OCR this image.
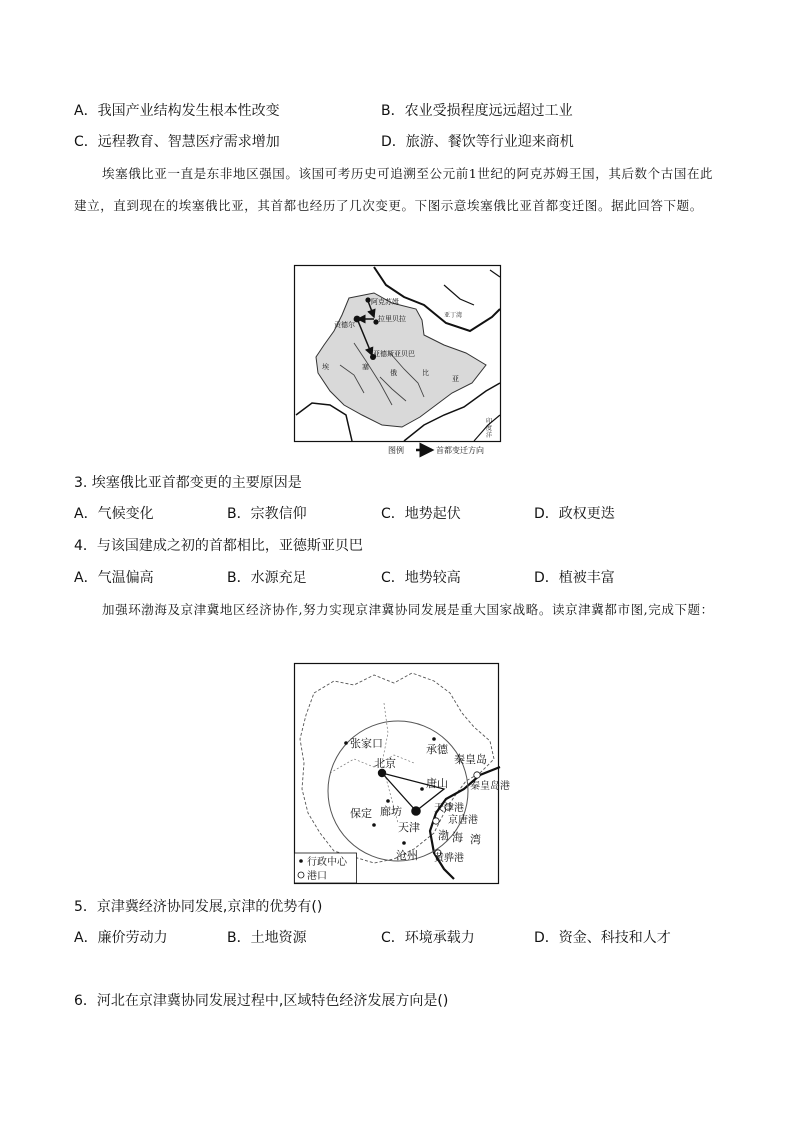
A．我国产业结构发生根本性改变	B．农业受损程度远远超过工业
C．远程教育、智慧医疗需求增加	D．旅游、餐饮等行业迎来商机
埃塞俄比亚一直是东非地区强国。该国可考历史可追溯至公元前1世纪的阿克苏姆王国，其后数个古国在此建立，直到现在的埃塞俄比亚，其首都也经历了几次变更。下图示意埃塞俄比亚首都变迁图。据此回答下题。
阿克苏姆
拉里贝拉
贡德尔
亚德斯亚贝巴
埃	塞
俄	比
亚
亚丁湾
印
度
洋
图例	首都变迁方向
3. 埃塞俄比亚首都变更的主要原因是
A．气候变化	B．宗教信仰	C．地势起伏	D．政权更迭
4．与该国建成之初的首都相比，亚德斯亚贝巴
A．气温偏高	B．水源充足	C．地势较高	D．植被丰富
加强环渤海及京津冀地区经济协作,努力实现京津冀协同发展是重大国家战略。读京津冀都市图,完成下题：
张家口	承德
秦皇岛
北京
唐山
廊坊
天津
保定
沧州
秦皇岛港
天津港
京唐港
黄骅港
渤 海 湾
行政中心
港口
5．京津冀经济协同发展,京津的优势有()
A．廉价劳动力	B．土地资源	C．环境承载力	D．资金、科技和人才
6．河北在京津冀协同发展过程中,区域特色经济发展方向是()
